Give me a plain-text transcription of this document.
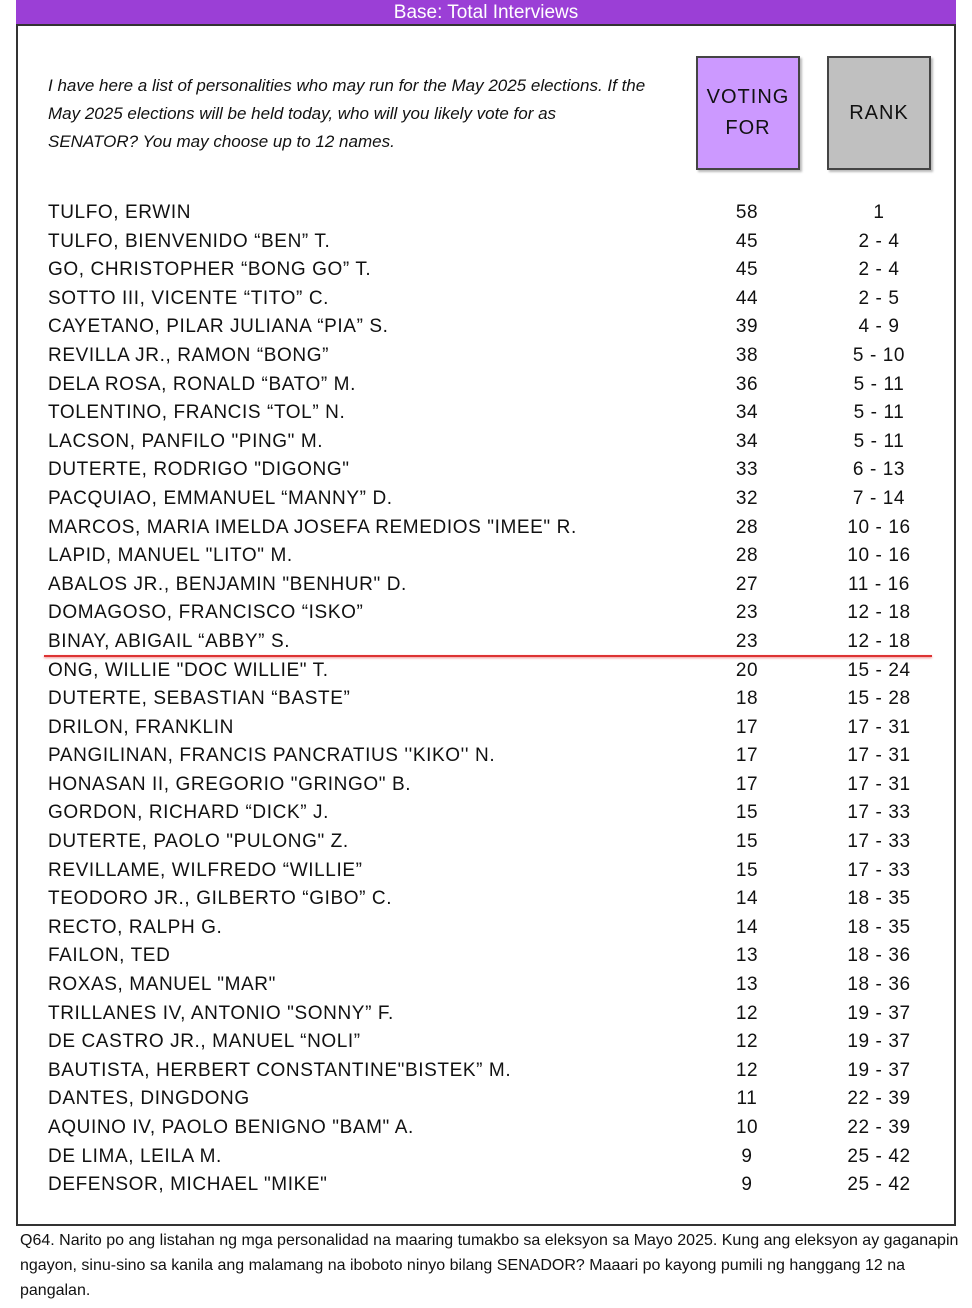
Base: Total Interviews
I have here a list of personalities who may run for the May 2025 elections. If the May 2025 elections will be held today, who will you likely vote for as SENATOR? You may choose up to 12 names.
VOTING
FOR
RANK
TULFO, ERWIN	58	1
TULFO, BIENVENIDO “BEN” T.	45	2 - 4
GO, CHRISTOPHER “BONG GO” T.	45	2 - 4
SOTTO III, VICENTE “TITO” C.	44	2 - 5
CAYETANO, PILAR JULIANA “PIA” S.	39	4 - 9
REVILLA JR., RAMON “BONG”	38	5 - 10
DELA ROSA, RONALD “BATO” M.	36	5 - 11
TOLENTINO, FRANCIS “TOL” N.	34	5 - 11
LACSON, PANFILO "PING" M.	34	5 - 11
DUTERTE, RODRIGO "DIGONG"	33	6 - 13
PACQUIAO, EMMANUEL “MANNY” D.	32	7 - 14
MARCOS, MARIA IMELDA JOSEFA REMEDIOS "IMEE" R.	28	10 - 16
LAPID, MANUEL "LITO" M.	28	10 - 16
ABALOS JR., BENJAMIN "BENHUR" D.	27	11 - 16
DOMAGOSO, FRANCISCO “ISKO”	23	12 - 18
BINAY, ABIGAIL “ABBY” S.	23	12 - 18
ONG, WILLIE "DOC WILLIE" T.	20	15 - 24
DUTERTE, SEBASTIAN “BASTE”	18	15 - 28
DRILON, FRANKLIN	17	17 - 31
PANGILINAN, FRANCIS PANCRATIUS ''KIKO'' N.	17	17 - 31
HONASAN II, GREGORIO "GRINGO" B.	17	17 - 31
GORDON, RICHARD “DICK” J.	15	17 - 33
DUTERTE, PAOLO "PULONG" Z.	15	17 - 33
REVILLAME, WILFREDO “WILLIE”	15	17 - 33
TEODORO JR., GILBERTO “GIBO” C.	14	18 - 35
RECTO, RALPH G.	14	18 - 35
FAILON, TED	13	18 - 36
ROXAS, MANUEL "MAR"	13	18 - 36
TRILLANES IV, ANTONIO "SONNY” F.	12	19 - 37
DE CASTRO JR., MANUEL “NOLI”	12	19 - 37
BAUTISTA, HERBERT CONSTANTINE"BISTEK” M.	12	19 - 37
DANTES, DINGDONG	11	22 - 39
AQUINO IV, PAOLO BENIGNO "BAM" A.	10	22 - 39
DE LIMA, LEILA M.	9	25 - 42
DEFENSOR, MICHAEL "MIKE"	9	25 - 42
Q64. Narito po ang listahan ng mga personalidad na maaring tumakbo sa eleksyon sa Mayo 2025. Kung ang eleksyon ay gaganapin ngayon, sinu-sino sa kanila ang malamang na iboboto ninyo bilang SENADOR? Maaari po kayong pumili ng hanggang 12 na pangalan.
